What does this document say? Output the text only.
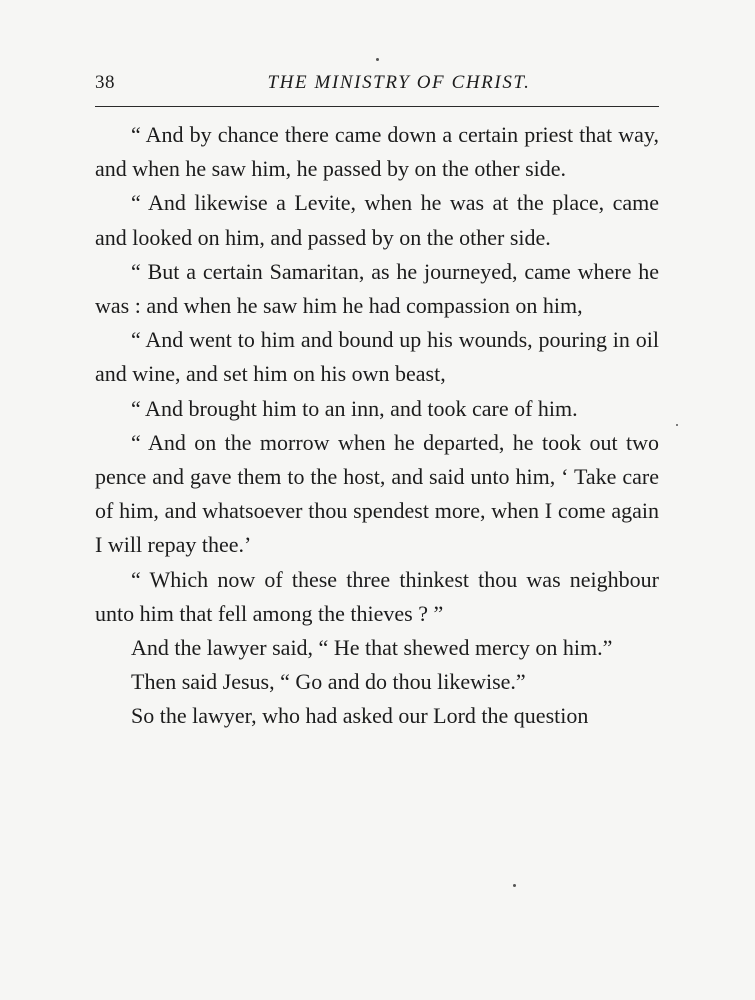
38	THE MINISTRY OF CHRIST.

“ And by chance there came down a certain priest that way, and when he saw him, he passed by on the other side.

“ And likewise a Levite, when he was at the place, came and looked on him, and passed by on the other side.

“ But a certain Samaritan, as he journeyed, came where he was : and when he saw him he had compassion on him,

“ And went to him and bound up his wounds, pouring in oil and wine, and set him on his own beast,

“ And brought him to an inn, and took care of him.

“ And on the morrow when he departed, he took out two pence and gave them to the host, and said unto him, ‘ Take care of him, and whatsoever thou spendest more, when I come again I will repay thee.’

“ Which now of these three thinkest thou was neighbour unto him that fell among the thieves ? ”

And the lawyer said, “ He that shewed mercy on him.”

Then said Jesus, “ Go and do thou likewise.”

So the lawyer, who had asked our Lord the question
